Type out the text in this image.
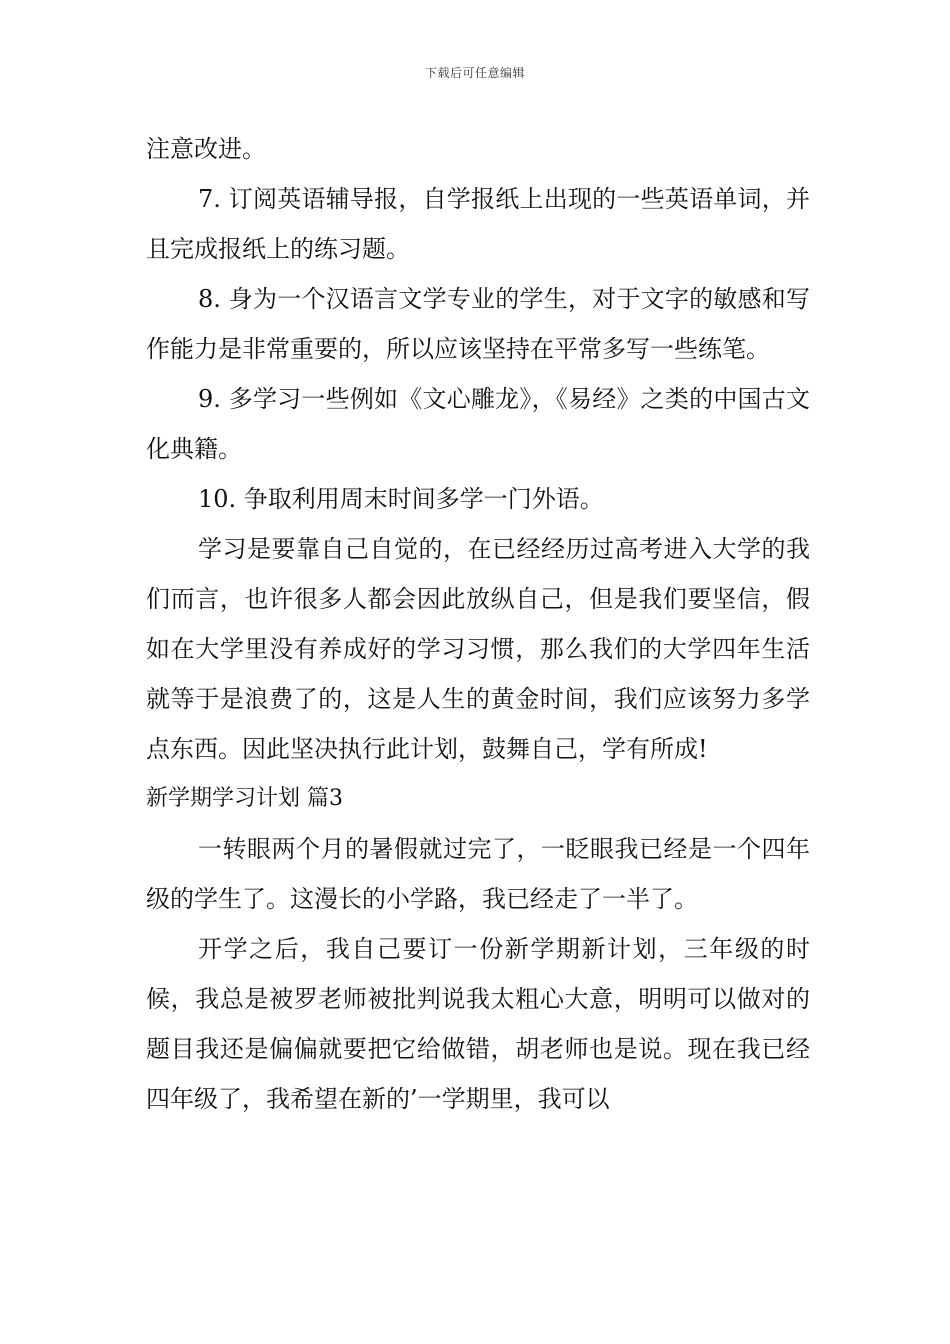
下载后可任意编辑

注意改进。

7. 订阅英语辅导报，自学报纸上出现的一些英语单词，并且完成报纸上的练习题。

8. 身为一个汉语言文学专业的学生，对于文字的敏感和写作能力是非常重要的，所以应该坚持在平常多写一些练笔。

9. 多学习一些例如《文心雕龙》，《易经》之类的中国古文化典籍。

10. 争取利用周末时间多学一门外语。

学习是要靠自己自觉的，在已经经历过高考进入大学的我们而言，也许很多人都会因此放纵自己，但是我们要坚信，假如在大学里没有养成好的学习习惯，那么我们的大学四年生活就等于是浪费了的，这是人生的黄金时间，我们应该努力多学点东西。因此坚决执行此计划，鼓舞自己，学有所成!

新学期学习计划 篇3

一转眼两个月的暑假就过完了，一眨眼我已经是一个四年级的学生了。这漫长的小学路，我已经走了一半了。

开学之后，我自己要订一份新学期新计划，三年级的时候，我总是被罗老师被批判说我太粗心大意，明明可以做对的题目我还是偏偏就要把它给做错，胡老师也是说。现在我已经四年级了，我希望在新的’一学期里，我可以
